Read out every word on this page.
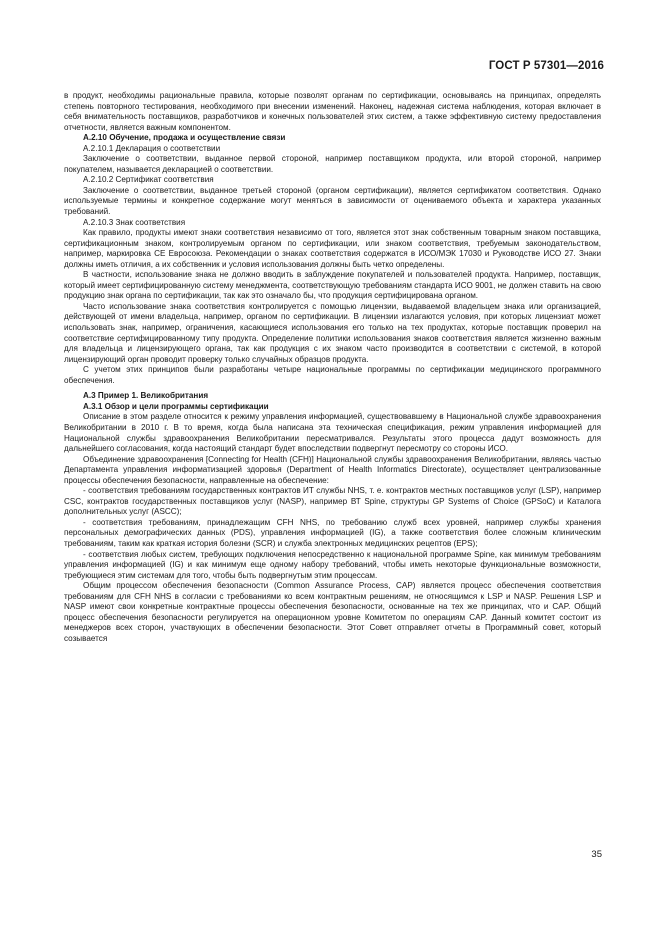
ГОСТ Р 57301—2016

в продукт, необходимы рациональные правила, которые позволят органам по сертификации, основываясь на принципах, определять степень повторного тестирования, необходимого при внесении изменений. Наконец, надежная система наблюдения, которая включает в себя внимательность поставщиков, разработчиков и конечных пользователей этих систем, а также эффективную систему предоставления отчетности, является важным компонентом.

А.2.10 Обучение, продажа и осуществление связи

А.2.10.1 Декларация о соответствии

Заключение о соответствии, выданное первой стороной, например поставщиком продукта, или второй стороной, например покупателем, называется декларацией о соответствии.

А.2.10.2 Сертификат соответствия

Заключение о соответствии, выданное третьей стороной (органом сертификации), является сертификатом соответствия. Однако используемые термины и конкретное содержание могут меняться в зависимости от оцениваемого объекта и характера указанных требований.

А.2.10.3 Знак соответствия

Как правило, продукты имеют знаки соответствия независимо от того, является этот знак собственным товарным знаком поставщика, сертификационным знаком, контролируемым органом по сертификации, или знаком соответствия, требуемым законодательством, например, маркировка СЕ Евросоюза. Рекомендации о знаках соответствия содержатся в ИСО/МЭК 17030 и Руководстве ИСО 27. Знаки должны иметь отличия, а их собственник и условия использования должны быть четко определены.

В частности, использование знака не должно вводить в заблуждение покупателей и пользователей продукта. Например, поставщик, который имеет сертифицированную систему менеджмента, соответствующую требованиям стандарта ИСО 9001, не должен ставить на свою продукцию знак органа по сертификации, так как это означало бы, что продукция сертифицирована органом.

Часто использование знака соответствия контролируется с помощью лицензии, выдаваемой владельцем знака или организацией, действующей от имени владельца, например, органом по сертификации. В лицензии излагаются условия, при которых лицензиат может использовать знак, например, ограничения, касающиеся использования его только на тех продуктах, которые поставщик проверил на соответствие сертифицированному типу продукта. Определение политики использования знаков соответствия является жизненно важным для владельца и лицензирующего органа, так как продукция с их знаком часто производится в соответствии с системой, в которой лицензирующий орган проводит проверку только случайных образцов продукта.

С учетом этих принципов были разработаны четыре национальные программы по сертификации медицинского программного обеспечения.

А.3 Пример 1. Великобритания

А.3.1 Обзор и цели программы сертификации

Описание в этом разделе относится к режиму управления информацией, существовавшему в Национальной службе здравоохранения Великобритании в 2010 г. В то время, когда была написана эта техническая спецификация, режим управления информацией для Национальной службы здравоохранения Великобритании пересматривался. Результаты этого процесса дадут возможность для дальнейшего согласования, когда настоящий стандарт будет впоследствии подвергнут пересмотру со стороны ИСО.

Объединение здравоохранения [Connecting for Health (CFH)] Национальной службы здравоохранения Великобритании, являясь частью Департамента управления информатизацией здоровья (Department of Health Informatics Directorate), осуществляет централизованные процессы обеспечения безопасности, направленные на обеспечение:

- соответствия требованиям государственных контрактов ИТ службы NHS, т. е. контрактов местных поставщиков услуг (LSP), например CSC, контрактов государственных поставщиков услуг (NASP), например ВТ Spine, структуры GP Systems of Choice (GPSoC) и Каталога дополнительных услуг (ASCC);

- соответствия требованиям, принадлежащим CFH NHS, по требованию служб всех уровней, например службы хранения персональных демографических данных (PDS), управления информацией (IG), а также соответствия более сложным клиническим требованиям, таким как краткая история болезни (SCR) и служба электронных медицинских рецептов (EPS);

- соответствия любых систем, требующих подключения непосредственно к национальной программе Spine, как минимум требованиям управления информацией (IG) и как минимум еще одному набору требований, чтобы иметь некоторые функциональные возможности, требующиеся этим системам для того, чтобы быть подвергнутым этим процессам.

Общим процессом обеспечения безопасности (Common Assurance Process, CAP) является процесс обеспечения соответствия требованиям для CFH NHS в согласии с требованиями ко всем контрактным решениям, не относящимся к LSP и NASP. Решения LSP и NASP имеют свои конкретные контрактные процессы обеспечения безопасности, основанные на тех же принципах, что и CAP. Общий процесс обеспечения безопасности регулируется на операционном уровне Комитетом по операциям CAP. Данный комитет состоит из менеджеров всех сторон, участвующих в обеспечении безопасности. Этот Совет отправляет отчеты в Программный совет, который созывается

35
